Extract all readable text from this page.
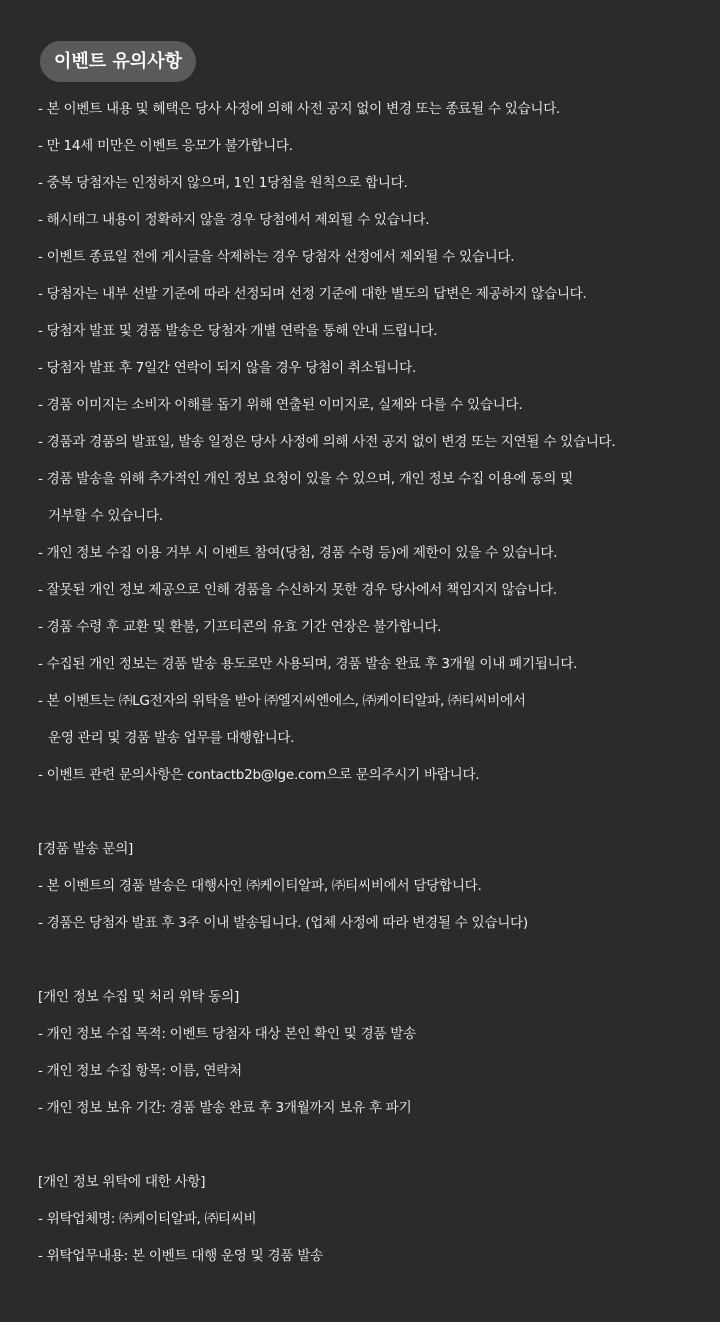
이벤트 유의사항
- 본 이벤트 내용 및 혜택은 당사 사정에 의해 사전 공지 없이 변경 또는 종료될 수 있습니다.
- 만 14세 미만은 이벤트 응모가 불가합니다.
- 중복 당첨자는 인정하지 않으며, 1인 1당첨을 원칙으로 합니다.
- 해시태그 내용이 정확하지 않을 경우 당첨에서 제외될 수 있습니다.
- 이벤트 종료일 전에 게시글을 삭제하는 경우 당첨자 선정에서 제외될 수 있습니다.
- 당첨자는 내부 선발 기준에 따라 선정되며 선정 기준에 대한 별도의 답변은 제공하지 않습니다.
- 당첨자 발표 및 경품 발송은 당첨자 개별 연락을 통해 안내 드립니다.
- 당첨자 발표 후 7일간 연락이 되지 않을 경우 당첨이 취소됩니다.
- 경품 이미지는 소비자 이해를 돕기 위해 연출된 이미지로, 실제와 다를 수 있습니다.
- 경품과 경품의 발표일, 발송 일정은 당사 사정에 의해 사전 공지 없이 변경 또는 지연될 수 있습니다.
- 경품 발송을 위해 추가적인 개인 정보 요청이 있을 수 있으며, 개인 정보 수집 이용에 동의 및
거부할 수 있습니다.
- 개인 정보 수집 이용 거부 시 이벤트 참여(당첨, 경품 수령 등)에 제한이 있을 수 있습니다.
- 잘못된 개인 정보 제공으로 인해 경품을 수신하지 못한 경우 당사에서 책임지지 않습니다.
- 경품 수령 후 교환 및 환불, 기프티콘의 유효 기간 연장은 불가합니다.
- 수집된 개인 정보는 경품 발송 용도로만 사용되며, 경품 발송 완료 후 3개월 이내 폐기됩니다.
- 본 이벤트는 ㈜LG전자의 위탁을 받아 ㈜엘지씨엔에스, ㈜케이티알파, ㈜티씨비에서
운영 관리 및 경품 발송 업무를 대행합니다.
- 이벤트 관련 문의사항은 contactb2b@lge.com으로 문의주시기 바랍니다.
[경품 발송 문의]
- 본 이벤트의 경품 발송은 대행사인 ㈜케이티알파, ㈜티씨비에서 담당합니다.
- 경품은 당첨자 발표 후 3주 이내 발송됩니다. (업체 사정에 따라 변경될 수 있습니다)
[개인 정보 수집 및 처리 위탁 동의]
- 개인 정보 수집 목적: 이벤트 당첨자 대상 본인 확인 및 경품 발송
- 개인 정보 수집 항목: 이름, 연락처
- 개인 정보 보유 기간: 경품 발송 완료 후 3개월까지 보유 후 파기
[개인 정보 위탁에 대한 사항]
- 위탁업체명: ㈜케이티알파, ㈜티씨비
- 위탁업무내용: 본 이벤트 대행 운영 및 경품 발송
